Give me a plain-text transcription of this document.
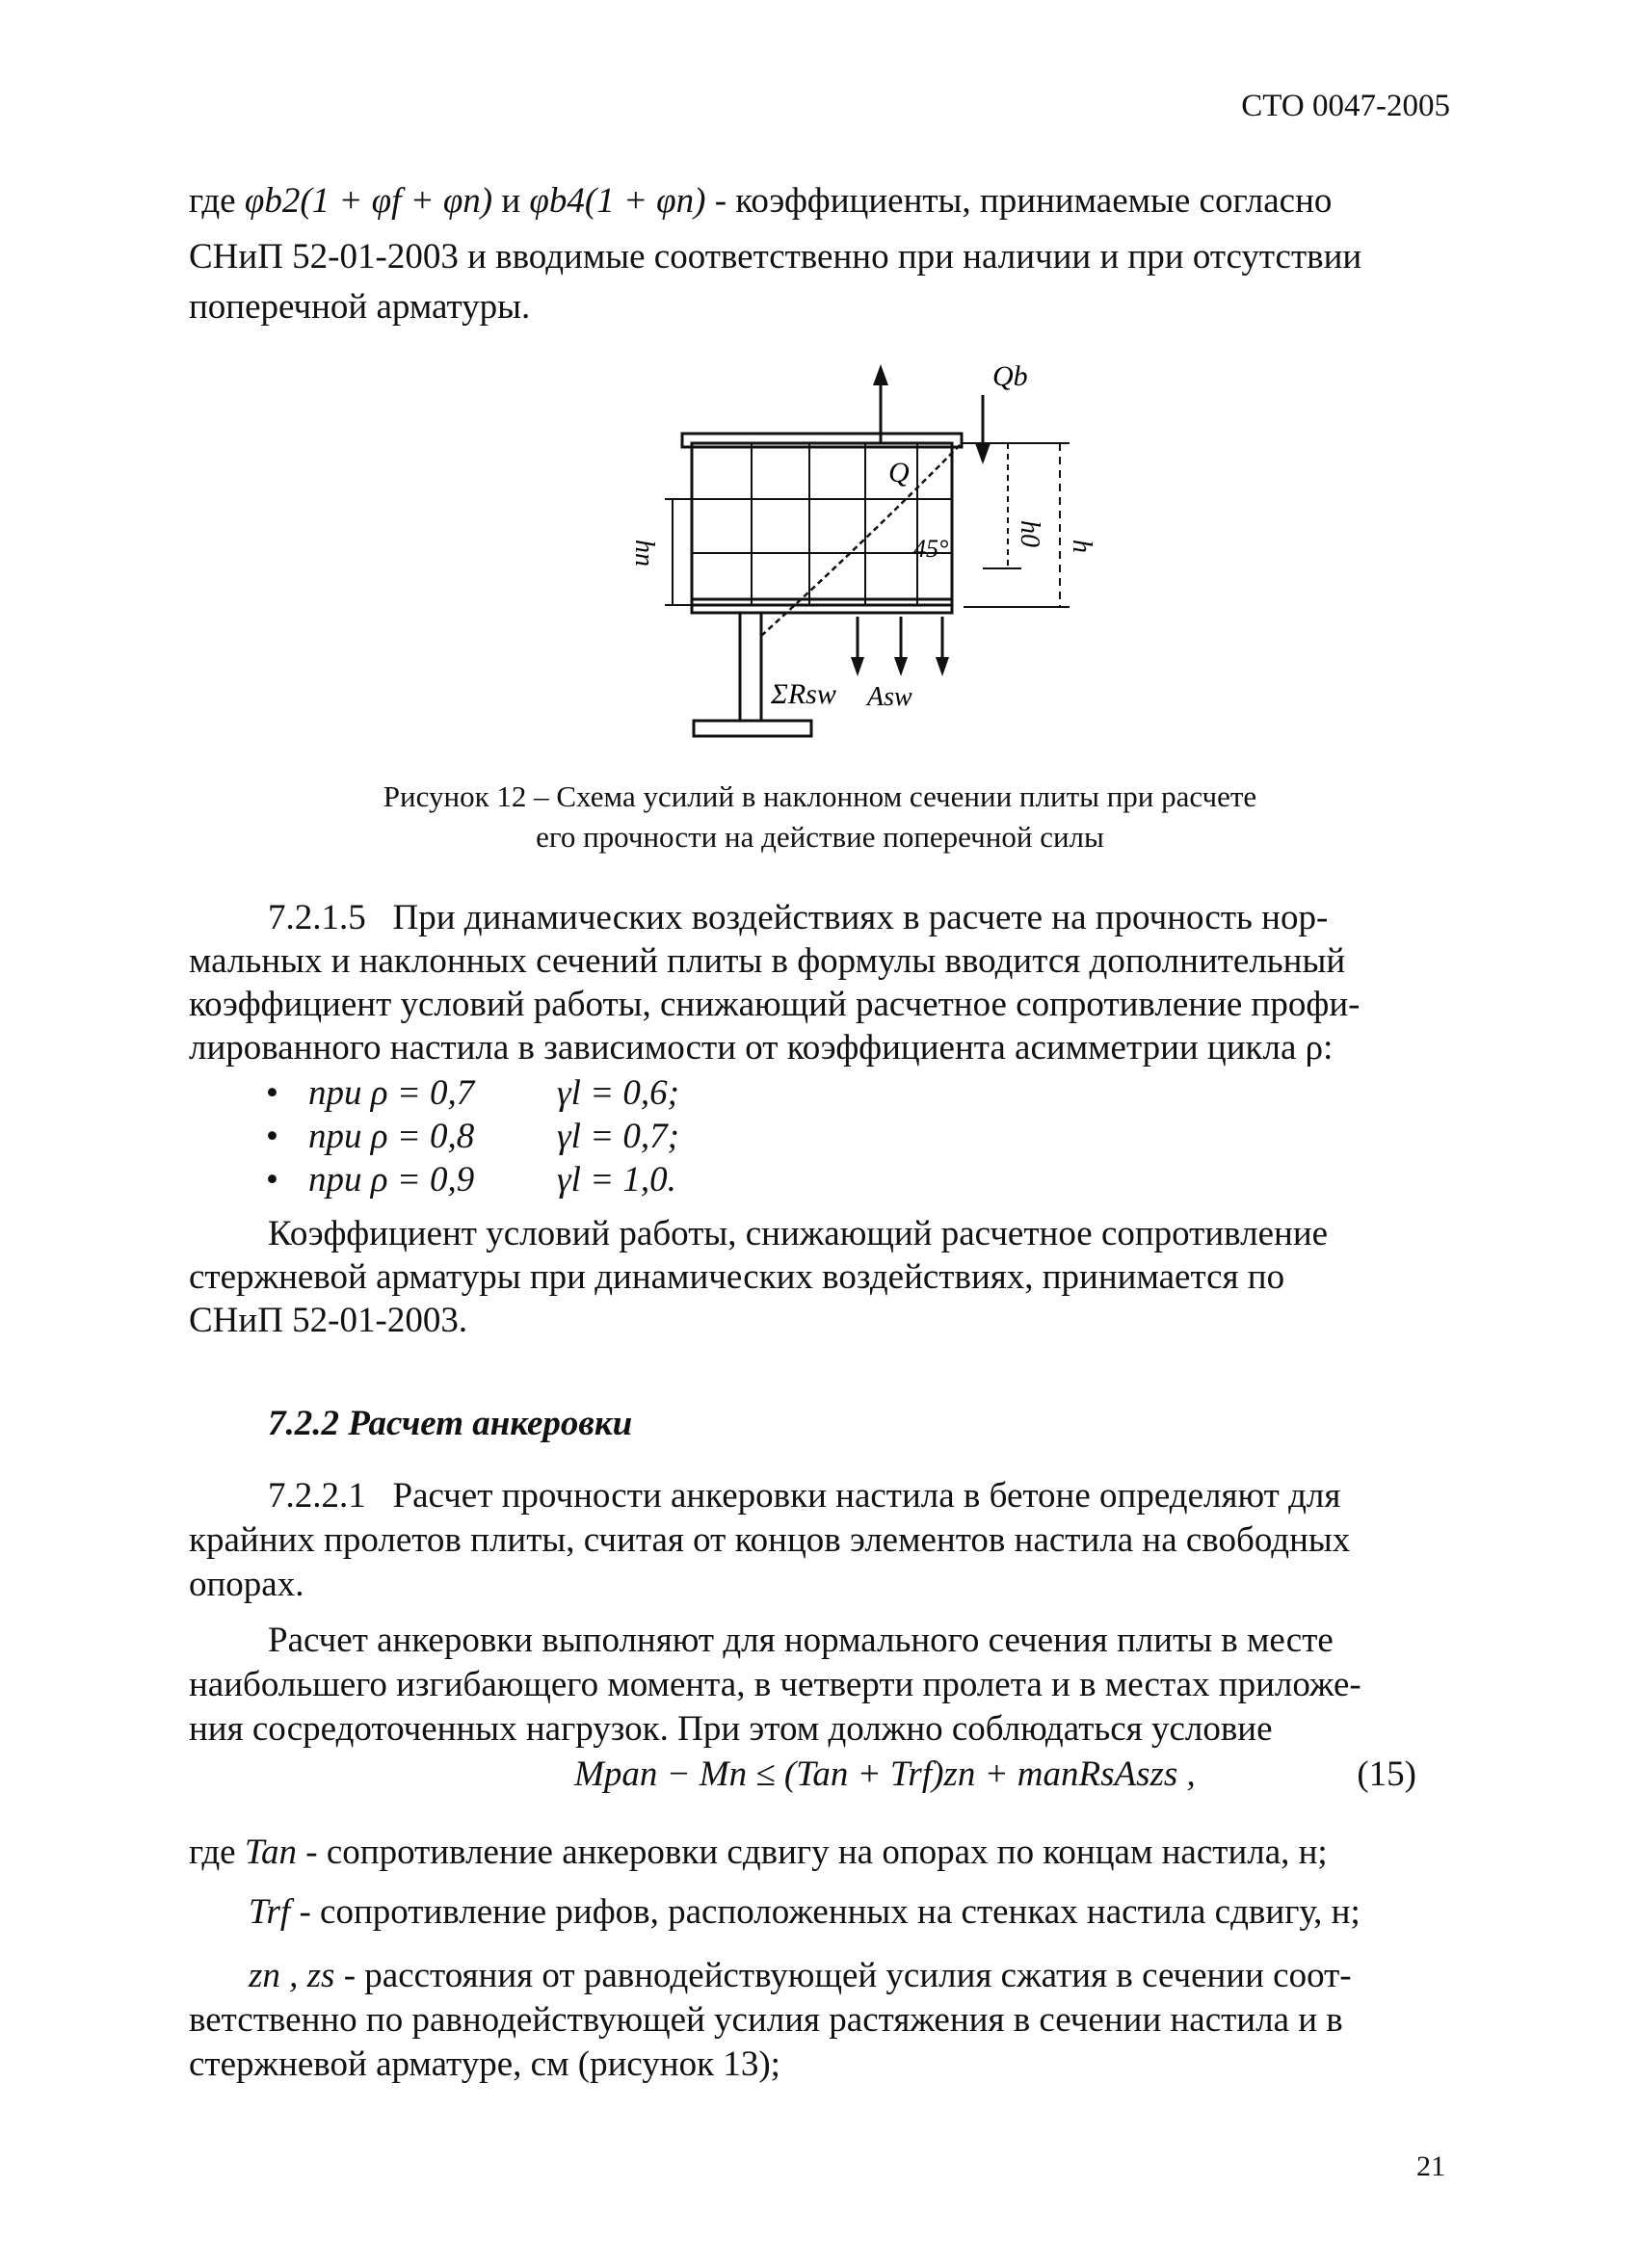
СТО 0047-2005
где φb2(1 + φf + φn) и φb4(1 + φn) - коэффициенты, принимаемые согласно
СНиП 52-01-2003 и вводимые соответственно при наличии и при отсутствии
поперечной арматуры.
Qb
Q
h0 h
hn	45°
ΣRsw Asw
Рисунок 12 – Схема усилий в наклонном сечении плиты при расчете
его прочности на действие поперечной силы
7.2.1.5 При динамических воздействиях в расчете на прочность нор-
мальных и наклонных сечений плиты в формулы вводится дополнительный
коэффициент условий работы, снижающий расчетное сопротивление профи-
лированного настила в зависимости от коэффициента асимметрии цикла ρ:
• при ρ = 0,7 γl = 0,6;
• при ρ = 0,8 γl = 0,7;
• при ρ = 0,9 γl = 1,0.
Коэффициент условий работы, снижающий расчетное сопротивление
стержневой арматуры при динамических воздействиях, принимается по
СНиП 52-01-2003.
7.2.2 Расчет анкеровки
7.2.2.1 Расчет прочности анкеровки настила в бетоне определяют для
крайних пролетов плиты, считая от концов элементов настила на свободных
опорах.
Расчет анкеровки выполняют для нормального сечения плиты в месте
наибольшего изгибающего момента, в четверти пролета и в местах приложе-
ния сосредоточенных нагрузок. При этом должно соблюдаться условие
Mpan − Mn ≤ (Tan + Trf)zn + manRsAszs ,	(15)
где Tan - сопротивление анкеровки сдвигу на опорах по концам настила, н;
Trf - сопротивление рифов, расположенных на стенках настила сдвигу, н;
zn , zs - расстояния от равнодействующей усилия сжатия в сечении соот-
ветственно по равнодействующей усилия растяжения в сечении настила и в
стержневой арматуре, см (рисунок 13);
21
